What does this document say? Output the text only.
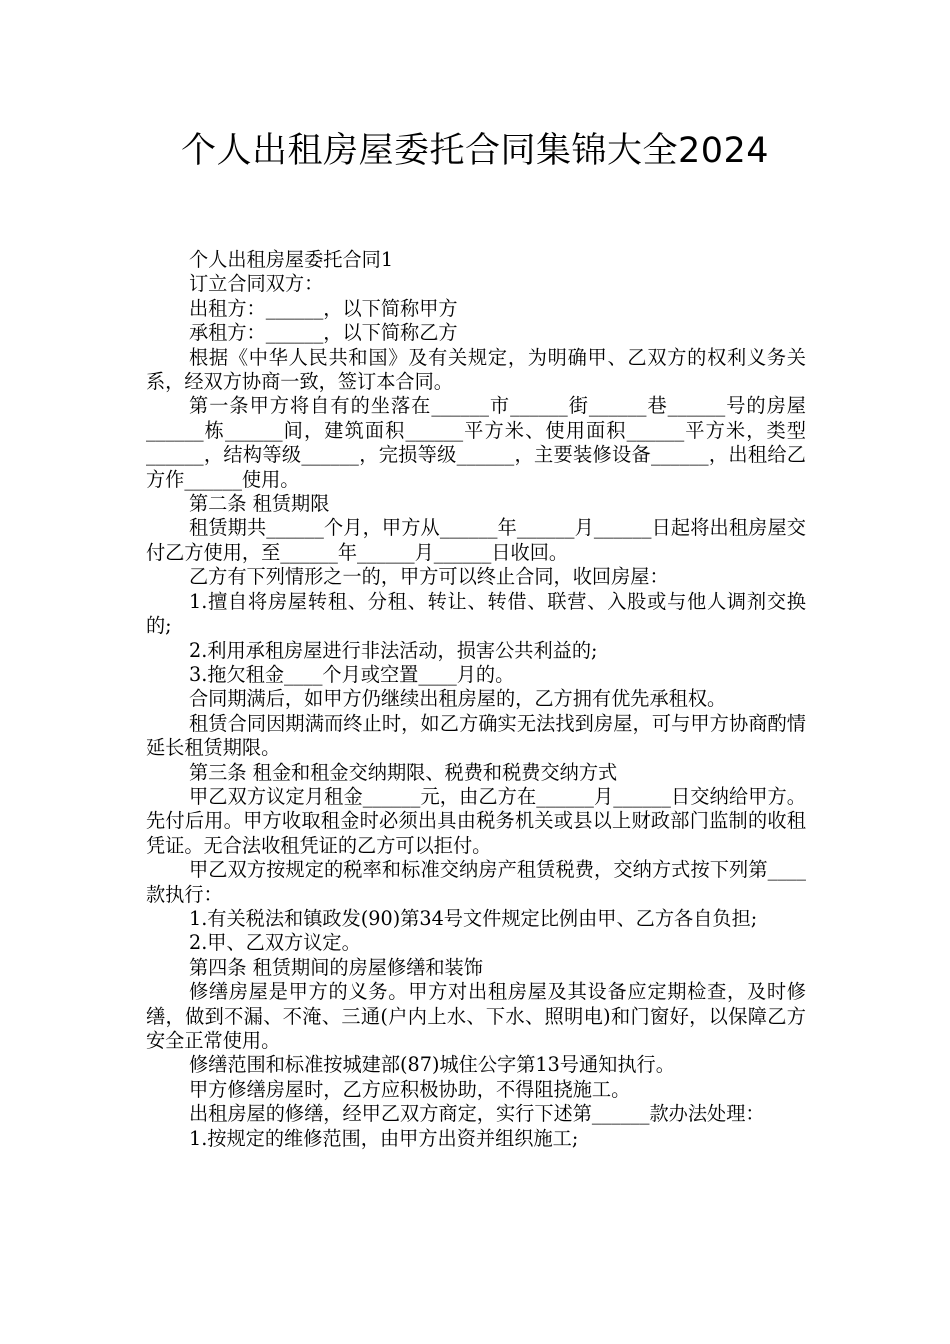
个人出租房屋委托合同集锦大全2024

个人出租房屋委托合同1

订立合同双方：

出租方：______，以下简称甲方

承租方：______，以下简称乙方

根据《中华人民共和国》及有关规定，为明确甲、乙双方的权利义务关系，经双方协商一致，签订本合同。

第一条甲方将自有的坐落在______市______街______巷______号的房屋______栋______间，建筑面积______平方米、使用面积______平方米，类型______，结构等级______，完损等级______，主要装修设备______，出租给乙方作______使用。

第二条 租赁期限

租赁期共______个月，甲方从______年______月______日起将出租房屋交付乙方使用，至______年______月______日收回。

乙方有下列情形之一的，甲方可以终止合同，收回房屋：

1.擅自将房屋转租、分租、转让、转借、联营、入股或与他人调剂交换的;

2.利用承租房屋进行非法活动，损害公共利益的;

3.拖欠租金____个月或空置____月的。

合同期满后，如甲方仍继续出租房屋的，乙方拥有优先承租权。

租赁合同因期满而终止时，如乙方确实无法找到房屋，可与甲方协商酌情延长租赁期限。

第三条 租金和租金交纳期限、税费和税费交纳方式

甲乙双方议定月租金______元，由乙方在______月______日交纳给甲方。先付后用。甲方收取租金时必须出具由税务机关或县以上财政部门监制的收租凭证。无合法收租凭证的乙方可以拒付。

甲乙双方按规定的税率和标准交纳房产租赁税费，交纳方式按下列第____款执行：

1.有关税法和镇政发(90)第34号文件规定比例由甲、乙方各自负担;

2.甲、乙双方议定。

第四条 租赁期间的房屋修缮和装饰

修缮房屋是甲方的义务。甲方对出租房屋及其设备应定期检查，及时修缮，做到不漏、不淹、三通(户内上水、下水、照明电)和门窗好，以保障乙方安全正常使用。

修缮范围和标准按城建部(87)城住公字第13号通知执行。

甲方修缮房屋时，乙方应积极协助，不得阻挠施工。

出租房屋的修缮，经甲乙双方商定，实行下述第______款办法处理：

1.按规定的维修范围，由甲方出资并组织施工;
